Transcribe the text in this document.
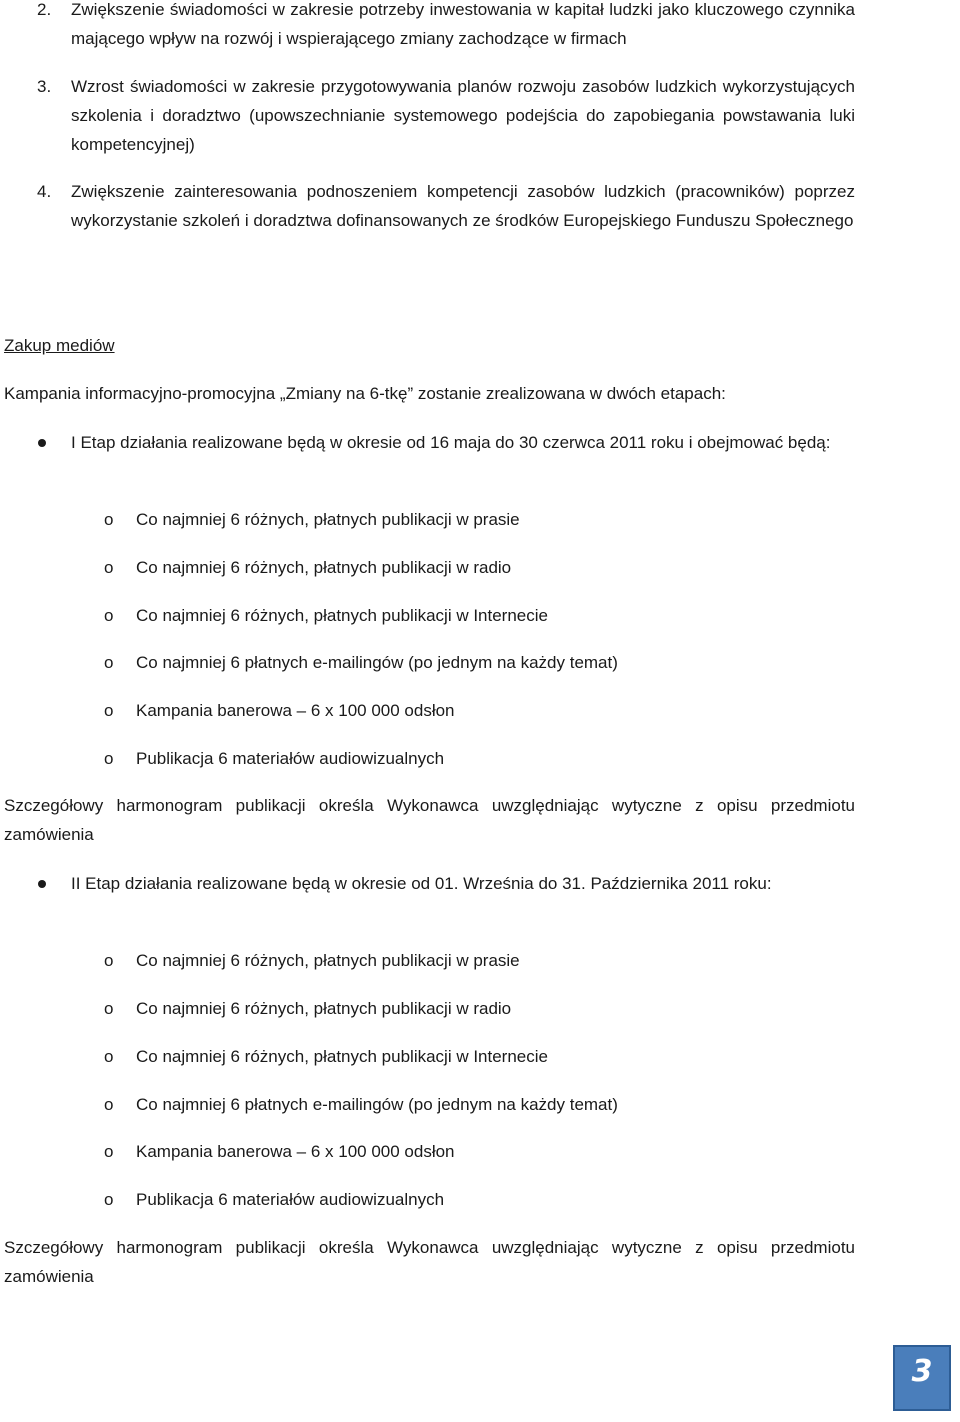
2.	Zwiększenie świadomości w zakresie potrzeby inwestowania w kapitał ludzki jako kluczowego czynnika mającego wpływ na rozwój i wspierającego zmiany zachodzące w firmach
3.	Wzrost świadomości w zakresie przygotowywania planów rozwoju zasobów ludzkich wykorzystujących szkolenia i doradztwo (upowszechnianie systemowego podejścia do zapobiegania powstawania luki kompetencyjnej)
4.	Zwiększenie zainteresowania podnoszeniem kompetencji zasobów ludzkich (pracowników) poprzez wykorzystanie szkoleń i doradztwa dofinansowanych ze środków Europejskiego Funduszu Społecznego
Zakup mediów
Kampania informacyjno-promocyjna „Zmiany na 6-tkę” zostanie zrealizowana w dwóch etapach:
I Etap działania realizowane będą w okresie od 16 maja do 30 czerwca 2011 roku i obejmować będą:
o Co najmniej 6 różnych, płatnych publikacji w prasie
o Co najmniej 6 różnych, płatnych publikacji w radio
o Co najmniej 6 różnych, płatnych publikacji w Internecie
o Co najmniej 6 płatnych e-mailingów (po jednym na każdy temat)
o Kampania banerowa – 6 x 100 000 odsłon
o Publikacja 6 materiałów audiowizualnych
Szczegółowy harmonogram publikacji określa Wykonawca uwzględniając wytyczne z opisu przedmiotu zamówienia
II Etap działania realizowane będą w okresie od 01. Września do 31. Października 2011 roku:
o Co najmniej 6 różnych, płatnych publikacji w prasie
o Co najmniej 6 różnych, płatnych publikacji w radio
o Co najmniej 6 różnych, płatnych publikacji w Internecie
o Co najmniej 6 płatnych e-mailingów (po jednym na każdy temat)
o Kampania banerowa – 6 x 100 000 odsłon
o Publikacja 6 materiałów audiowizualnych
Szczegółowy harmonogram publikacji określa Wykonawca uwzględniając wytyczne z opisu przedmiotu zamówienia
3
